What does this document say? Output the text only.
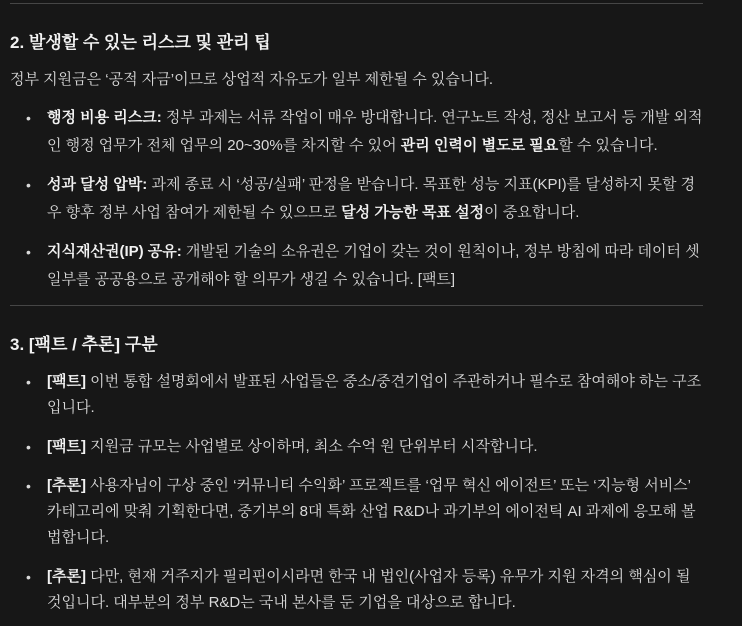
2. 발생할 수 있는 리스크 및 관리 팁

정부 지원금은 ‘공적 자금’이므로 상업적 자유도가 일부 제한될 수 있습니다.

• 행정 비용 리스크: 정부 과제는 서류 작업이 매우 방대합니다. 연구노트 작성, 정산 보고서 등 개발 외적인 행정 업무가 전체 업무의 20~30%를 차지할 수 있어 관리 인력이 별도로 필요할 수 있습니다.
• 성과 달성 압박: 과제 종료 시 ‘성공/실패’ 판정을 받습니다. 목표한 성능 지표(KPI)를 달성하지 못할 경우 향후 정부 사업 참여가 제한될 수 있으므로 달성 가능한 목표 설정이 중요합니다.
• 지식재산권(IP) 공유: 개발된 기술의 소유권은 기업이 갖는 것이 원칙이나, 정부 방침에 따라 데이터 셋 일부를 공공용으로 공개해야 할 의무가 생길 수 있습니다. [팩트]
3. [팩트 / 추론] 구분
• [팩트] 이번 통합 설명회에서 발표된 사업들은 중소/중견기업이 주관하거나 필수로 참여해야 하는 구조입니다.
• [팩트] 지원금 규모는 사업별로 상이하며, 최소 수억 원 단위부터 시작합니다.
• [추론] 사용자님이 구상 중인 ‘커뮤니티 수익화’ 프로젝트를 ‘업무 혁신 에이전트’ 또는 ‘지능형 서비스’ 카테고리에 맞춰 기획한다면, 중기부의 8대 특화 산업 R&D나 과기부의 에이전틱 AI 과제에 응모해 볼 법합니다.
• [추론] 다만, 현재 거주지가 필리핀이시라면 한국 내 법인(사업자 등록) 유무가 지원 자격의 핵심이 될 것입니다. 대부분의 정부 R&D는 국내 본사를 둔 기업을 대상으로 합니다.
